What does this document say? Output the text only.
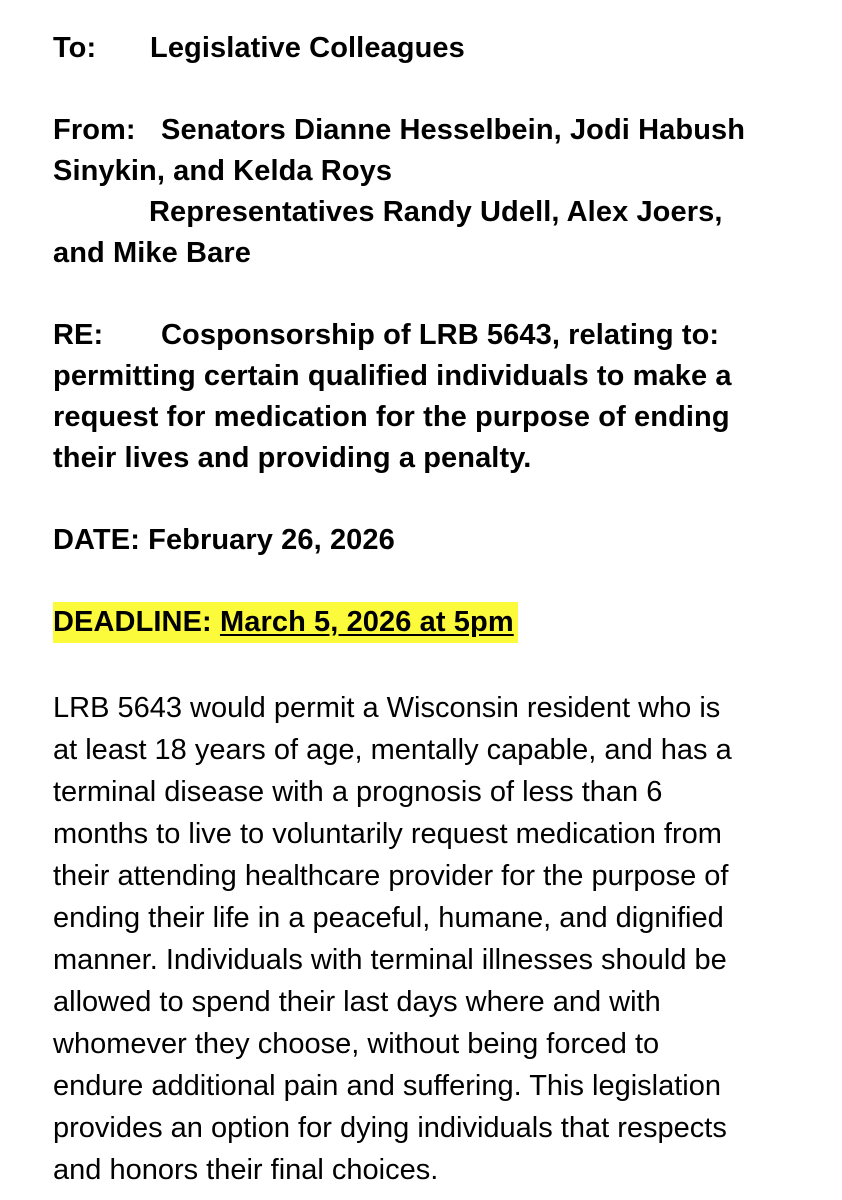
To: Legislative Colleagues

From: Senators Dianne Hesselbein, Jodi Habush

Sinykin, and Kelda Roys

Representatives Randy Udell, Alex Joers,

and Mike Bare

RE: Cosponsorship of LRB 5643, relating to:

permitting certain qualified individuals to make a

request for medication for the purpose of ending

their lives and providing a penalty.

DATE: February 26, 2026

DEADLINE: March 5, 2026 at 5pm

LRB 5643 would permit a Wisconsin resident who is

at least 18 years of age, mentally capable, and has a

terminal disease with a prognosis of less than 6

months to live to voluntarily request medication from

their attending healthcare provider for the purpose of

ending their life in a peaceful, humane, and dignified

manner. Individuals with terminal illnesses should be

allowed to spend their last days where and with

whomever they choose, without being forced to

endure additional pain and suffering. This legislation

provides an option for dying individuals that respects

and honors their final choices.
